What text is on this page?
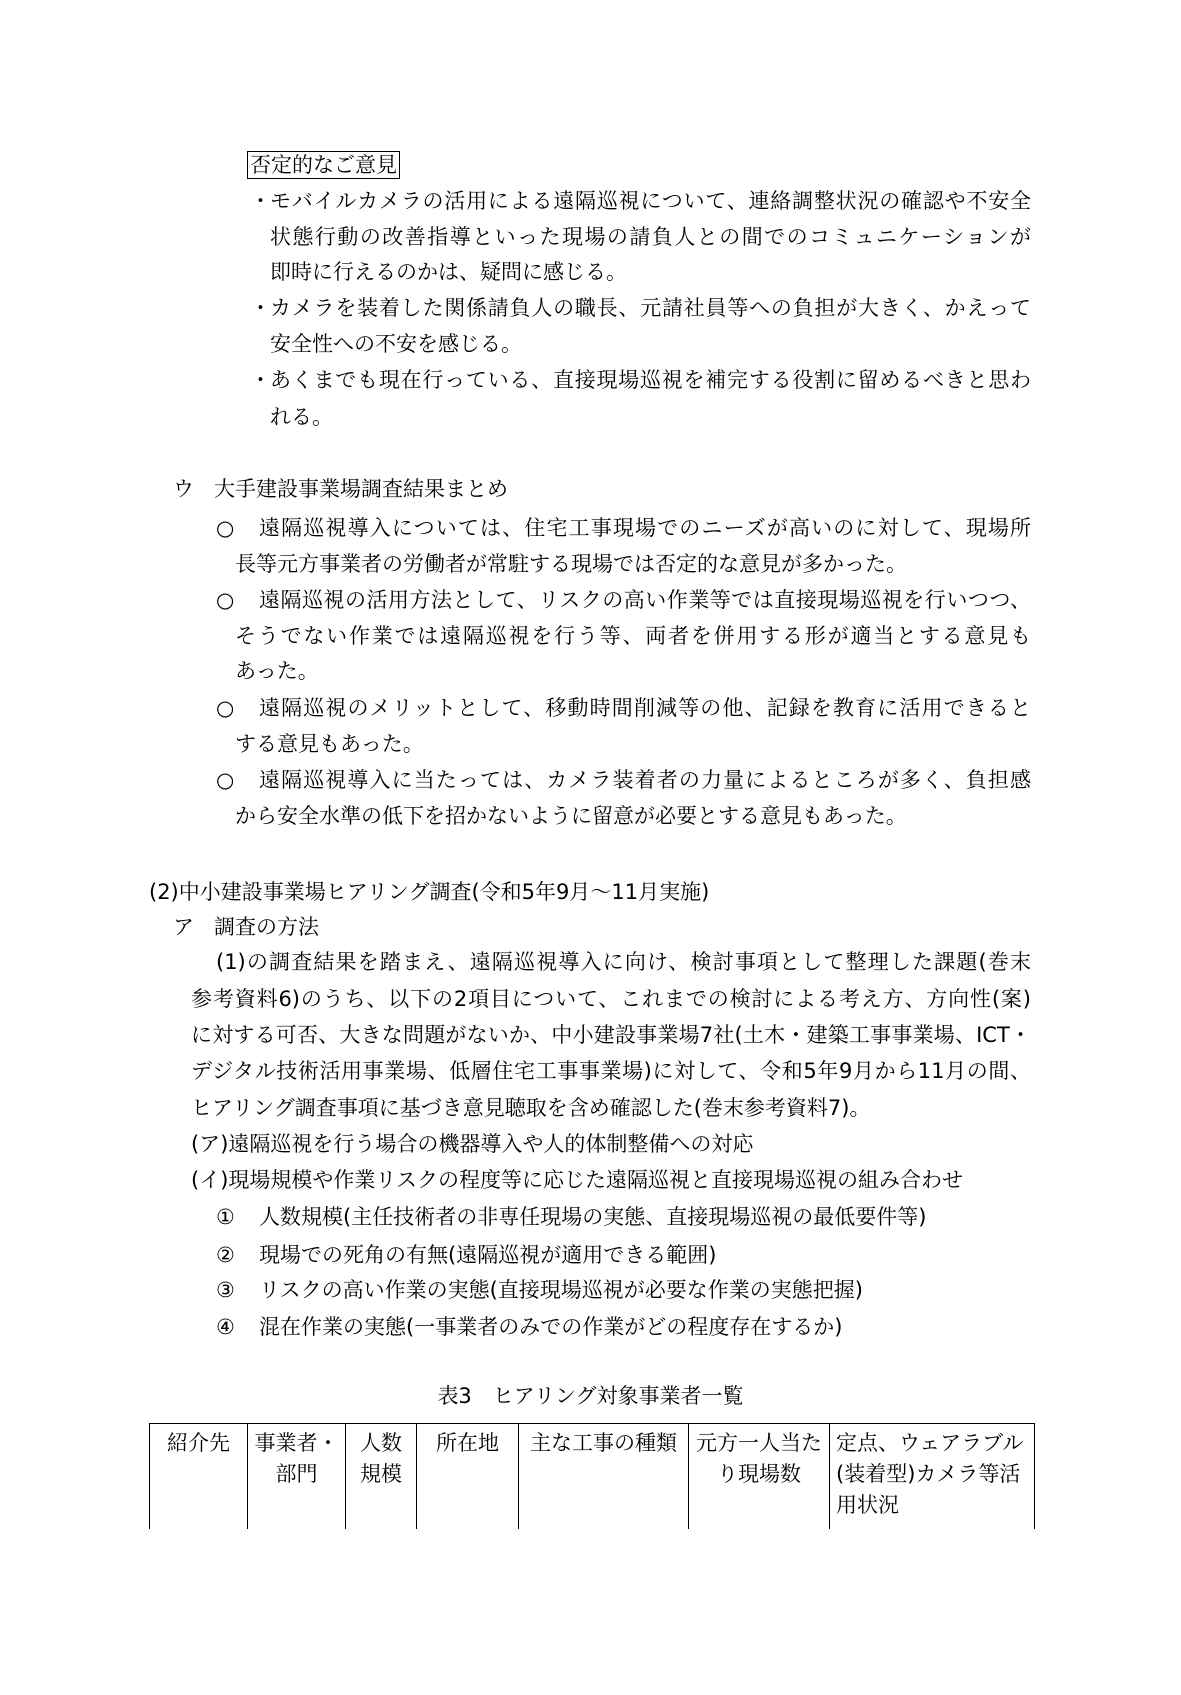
否定的なご意見
・ モバイルカメラの活用による遠隔巡視について、連絡調整状況の確認や不安全
状態行動の改善指導といった現場の請負人との間でのコミュニケーションが
即時に行えるのかは、疑問に感じる。
・ カメラを装着した関係請負人の職長、元請社員等への負担が大きく、かえって
安全性への不安を感じる。
・ あくまでも現在行っている、直接現場巡視を補完する役割に留めるべきと思わ
れる。
ウ 大手建設事業場調査結果まとめ
○ 遠隔巡視導入については、住宅工事現場でのニーズが高いのに対して、現場所
長等元方事業者の労働者が常駐する現場では否定的な意見が多かった。
○ 遠隔巡視の活用方法として、リスクの高い作業等では直接現場巡視を行いつつ、
そうでない作業では遠隔巡視を行う等、両者を併用する形が適当とする意見も
あった。
○ 遠隔巡視のメリットとして、移動時間削減等の他、記録を教育に活用できると
する意見もあった。
○ 遠隔巡視導入に当たっては、カメラ装着者の力量によるところが多く、負担感
から安全水準の低下を招かないように留意が必要とする意見もあった。
(2)中小建設事業場ヒアリング調査(令和5年9月～11月実施)
ア 調査の方法
(1)の調査結果を踏まえ、遠隔巡視導入に向け、検討事項として整理した課題(巻末
参考資料6)のうち、以下の2項目について、これまでの検討による考え方、方向性(案)
に対する可否、大きな問題がないか、中小建設事業場7社(土木・建築工事事業場、ICT・
デジタル技術活用事業場、低層住宅工事事業場)に対して、令和5年9月から11月の間、
ヒアリング調査事項に基づき意見聴取を含め確認した(巻末参考資料7)。
(ア)遠隔巡視を行う場合の機器導入や人的体制整備への対応
(イ)現場規模や作業リスクの程度等に応じた遠隔巡視と直接現場巡視の組み合わせ
① 人数規模(主任技術者の非専任現場の実態、直接現場巡視の最低要件等)
② 現場での死角の有無(遠隔巡視が適用できる範囲)
③ リスクの高い作業の実態(直接現場巡視が必要な作業の実態把握)
④ 混在作業の実態(一事業者のみでの作業がどの程度存在するか)
表3　ヒアリング対象事業者一覧
紹介先	事業者・部門	人数規模	所在地	主な工事の種類	元方一人当たり現場数	定点、ウェアラブル(装着型)カメラ等活用状況
